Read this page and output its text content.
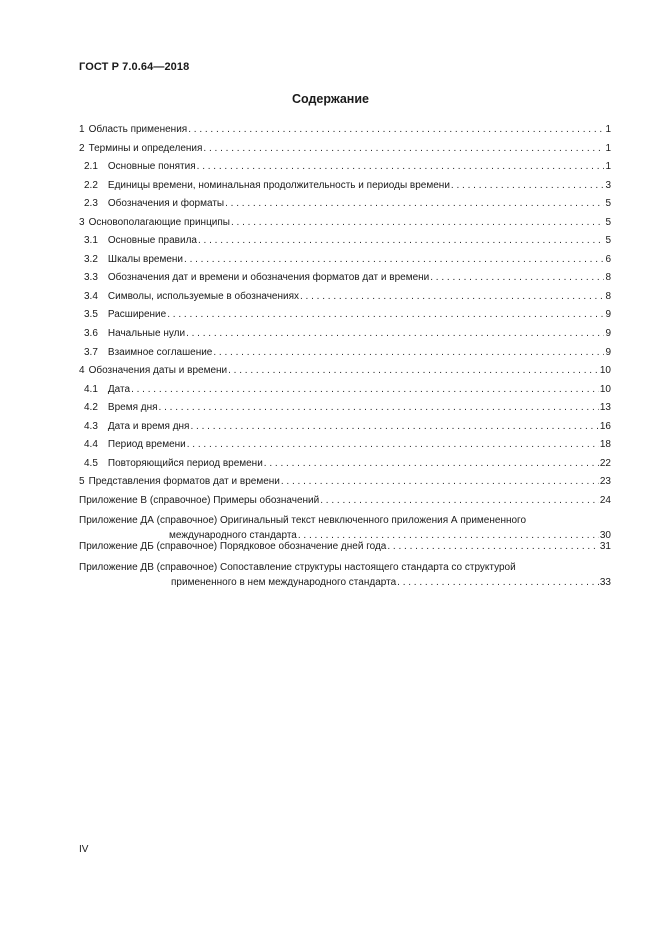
ГОСТ Р 7.0.64—2018
Содержание
1 Область применения . . .	1
2 Термины и определения . . .	1
2.1 Основные понятия . . .	1
2.2 Единицы времени, номинальная продолжительность и периоды времени . . .	3
2.3 Обозначения и форматы . . .	5
3 Основополагающие принципы . . .	5
3.1 Основные правила . . .	5
3.2 Шкалы времени . . .	6
3.3 Обозначения дат и времени и обозначения форматов дат и времени . . .	8
3.4 Символы, используемые в обозначениях . . .	8
3.5 Расширение . . .	9
3.6 Начальные нули . . .	9
3.7 Взаимное соглашение . . .	9
4 Обозначения даты и времени . . .	10
4.1 Дата . . .	10
4.2 Время дня . . .	13
4.3 Дата и время дня . . .	16
4.4 Период времени . . .	18
4.5 Повторяющийся период времени . . .	22
5 Представления форматов дат и времени . . .	23
Приложение В (справочное) Примеры обозначений . . .	24
Приложение ДА (справочное) Оригинальный текст невключенного приложения А примененного
международного стандарта . . .	30
Приложение ДБ (справочное) Порядковое обозначение дней года . . .	31
Приложение ДВ (справочное) Сопоставление структуры настоящего стандарта со структурой
примененного в нем международного стандарта . . .	33
IV
